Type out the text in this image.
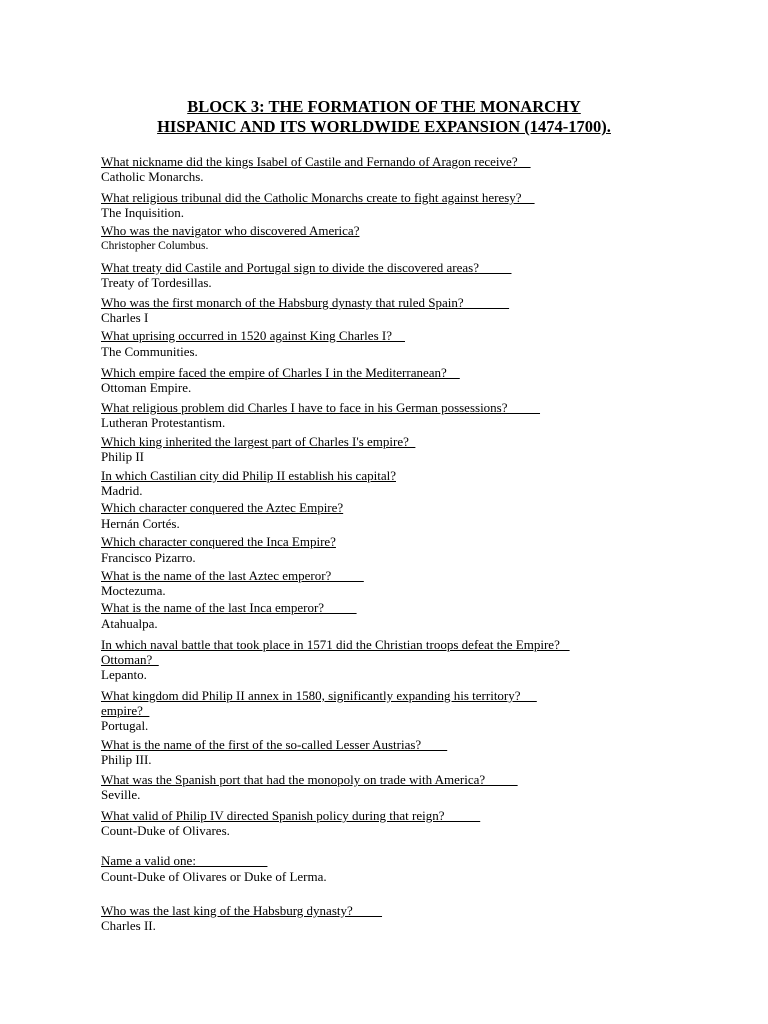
BLOCK 3: THE FORMATION OF THE MONARCHY
HISPANIC AND ITS WORLDWIDE EXPANSION (1474-1700).
What nickname did the kings Isabel of Castile and Fernando of Aragon receive?
Catholic Monarchs.
What religious tribunal did the Catholic Monarchs create to fight against heresy?
The Inquisition.
Who was the navigator who discovered America?
Christopher Columbus.
What treaty did Castile and Portugal sign to divide the discovered areas?
Treaty of Tordesillas.
Who was the first monarch of the Habsburg dynasty that ruled Spain?
Charles I
What uprising occurred in 1520 against King Charles I?
The Communities.
Which empire faced the empire of Charles I in the Mediterranean?
Ottoman Empire.
What religious problem did Charles I have to face in his German possessions?
Lutheran Protestantism.
Which king inherited the largest part of Charles I's empire?
Philip II
In which Castilian city did Philip II establish his capital?
Madrid.
Which character conquered the Aztec Empire?
Hernán Cortés.
Which character conquered the Inca Empire?
Francisco Pizarro.
What is the name of the last Aztec emperor?
Moctezuma.
What is the name of the last Inca emperor?
Atahualpa.
In which naval battle that took place in 1571 did the Christian troops defeat the Empire?
Ottoman?
Lepanto.
What kingdom did Philip II annex in 1580, significantly expanding his territory?
empire?
Portugal.
What is the name of the first of the so-called Lesser Austrias?
Philip III.
What was the Spanish port that had the monopoly on trade with America?
Seville.
What valid of Philip IV directed Spanish policy during that reign?
Count-Duke of Olivares.
Name a valid one:
Count-Duke of Olivares or Duke of Lerma.
Who was the last king of the Habsburg dynasty?
Charles II.
